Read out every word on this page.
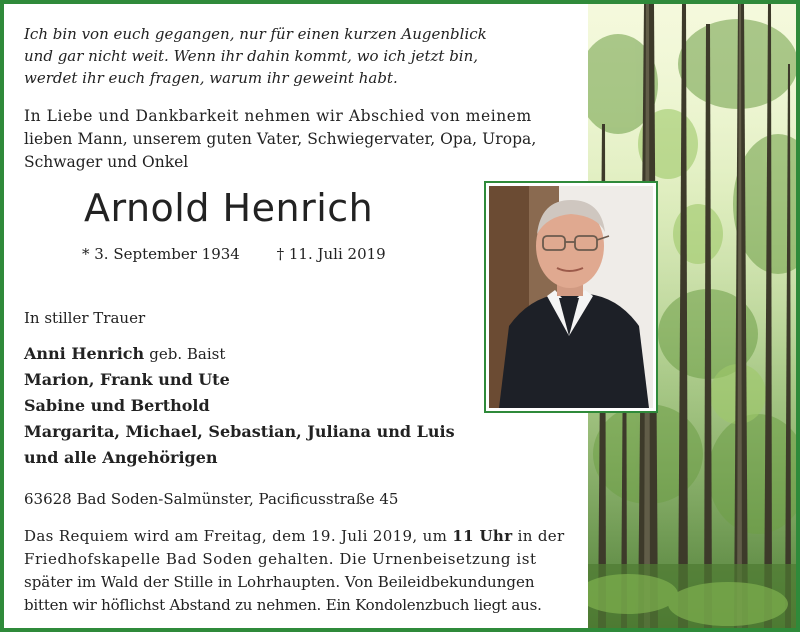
Ich bin von euch gegangen, nur für einen kurzen Augenblick
und gar nicht weit. Wenn ihr dahin kommt, wo ich jetzt bin,
werdet ihr euch fragen, warum ihr geweint habt.
In Liebe und Dankbarkeit nehmen wir Abschied von meinem
lieben Mann, unserem guten Vater, Schwiegervater, Opa, Uropa,
Schwager und Onkel
Arnold Henrich
* 3. September 1934 † 11. Juli 2019
In stiller Trauer
Anni Henrich geb. Baist
Marion, Frank und Ute
Sabine und Berthold
Margarita, Michael, Sebastian, Juliana und Luis
und alle Angehörigen
63628 Bad Soden-Salmünster, Pacificusstraße 45
Das Requiem wird am Freitag, dem 19. Juli 2019, um 11 Uhr in der
Friedhofskapelle Bad Soden gehalten. Die Urnenbeisetzung ist
später im Wald der Stille in Lohrhaupten. Von Beileidbekundungen
bitten wir höflichst Abstand zu nehmen. Ein Kondolenzbuch liegt aus.
